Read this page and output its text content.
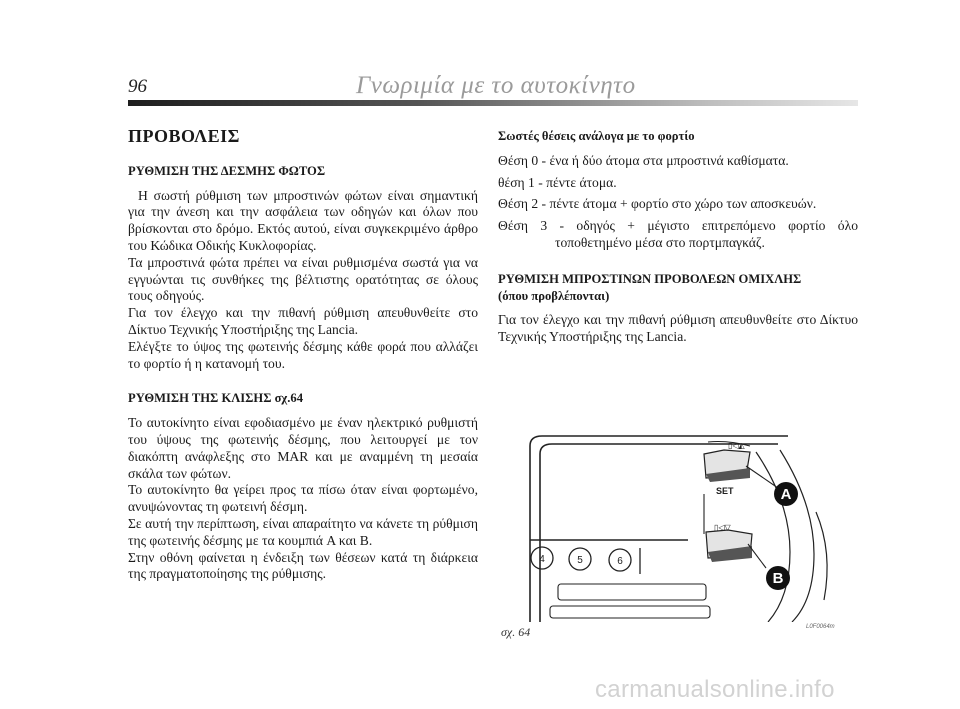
96	Γνωριμία με το αυτοκίνητο
ΠΡΟΒΟΛΕΙΣ
ΡΥΘΜΙΣΗ ΤΗΣ ΔΕΣΜΗΣ ΦΩΤΟΣ

Η σωστή ρύθμιση των μπροστινών φώτων είναι σημαντική για την άνεση και την ασφάλεια των οδηγών και όλων που βρίσκονται στο δρόμο. Εκτός αυτού, είναι συγκεκριμένο άρθρο του Κώδικα Οδικής Κυκλοφορίας.

Τα μπροστινά φώτα πρέπει να είναι ρυθμισμένα σωστά για να εγγυώνται τις συνθήκες της βέλτιστης ορατότητας σε όλους τους οδηγούς.

Για τον έλεγχο και την πιθανή ρύθμιση απευθυνθείτε στο Δίκτυο Τεχνικής Υποστήριξης της Lancia.

Ελέγξτε το ύψος της φωτεινής δέσμης κάθε φορά που αλλάζει το φορτίο ή η κατανομή του.

ΡΥΘΜΙΣΗ ΤΗΣ ΚΛΙΣΗΣ σχ.64

Το αυτοκίνητο είναι εφοδιασμένο με έναν ηλεκτρικό ρυθμιστή του ύψους της φωτεινής δέσμης, που λειτουργεί με τον διακόπτη ανάφλεξης στο MAR και με αναμμένη τη μεσαία σκάλα των φώτων.

Το αυτοκίνητο θα γείρει προς τα πίσω όταν είναι φορτωμένο, ανυψώνοντας τη φωτεινή δέσμη.

Σε αυτή την περίπτωση, είναι απαραίτητο να κάνετε τη ρύθμιση της φωτεινής δέσμης με τα κουμπιά A και B.

Στην οθόνη φαίνεται η ένδειξη των θέσεων κατά τη διάρκεια της πραγματοποίησης της ρύθμισης.

Σωστές θέσεις ανάλογα με το φορτίο

Θέση 0 - ένα ή δύο άτομα στα μπροστινά καθίσματα.

θέση 1 - πέντε άτομα.

Θέση 2 - πέντε άτομα + φορτίο στο χώρο των αποσκευών.

Θέση 3 - οδηγός + μέγιστο επιτρεπόμενο φορτίο όλο τοποθετημένο μέσα στο πορτμπαγκάζ.

ΡΥΘΜΙΣΗ ΜΠΡΟΣΤΙΝΩΝ ΠΡΟΒΟΛΕΩΝ ΟΜΙΧΛΗΣ
(όπου προβλέπονται)

Για τον έλεγχο και την πιθανή ρύθμιση απευθυνθείτε στο Δίκτυο Τεχνικής Υποστήριξης της Lancia.

4	5	6
▯◁◭
SET
▯◁▽
A
B
σχ. 64	L0F0064m
carmanualsonline.info
